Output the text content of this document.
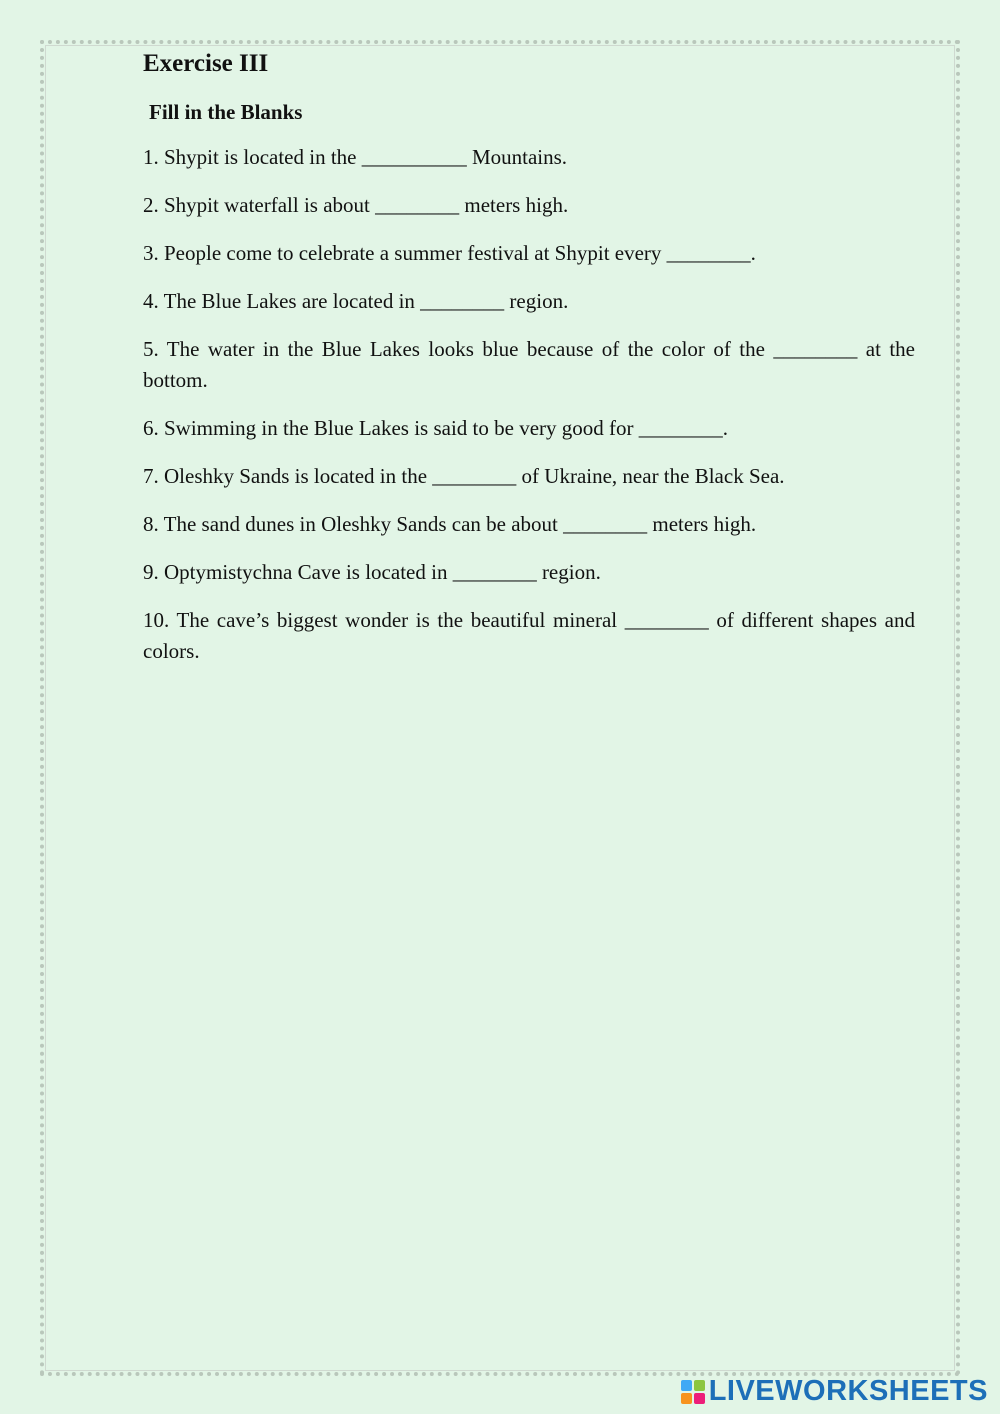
Exercise III
Fill in the Blanks
1. Shypit is located in the __________ Mountains.
2. Shypit waterfall is about ________ meters high.
3. People come to celebrate a summer festival at Shypit every ________.
4. The Blue Lakes are located in ________ region.
5. The water in the Blue Lakes looks blue because of the color of the ________ at the bottom.
6. Swimming in the Blue Lakes is said to be very good for ________.
7. Oleshky Sands is located in the ________ of Ukraine, near the Black Sea.
8. The sand dunes in Oleshky Sands can be about ________ meters high.
9. Optymistychna Cave is located in ________ region.
10. The cave’s biggest wonder is the beautiful mineral ________ of different shapes and colors.
LIVEWORKSHEETS
